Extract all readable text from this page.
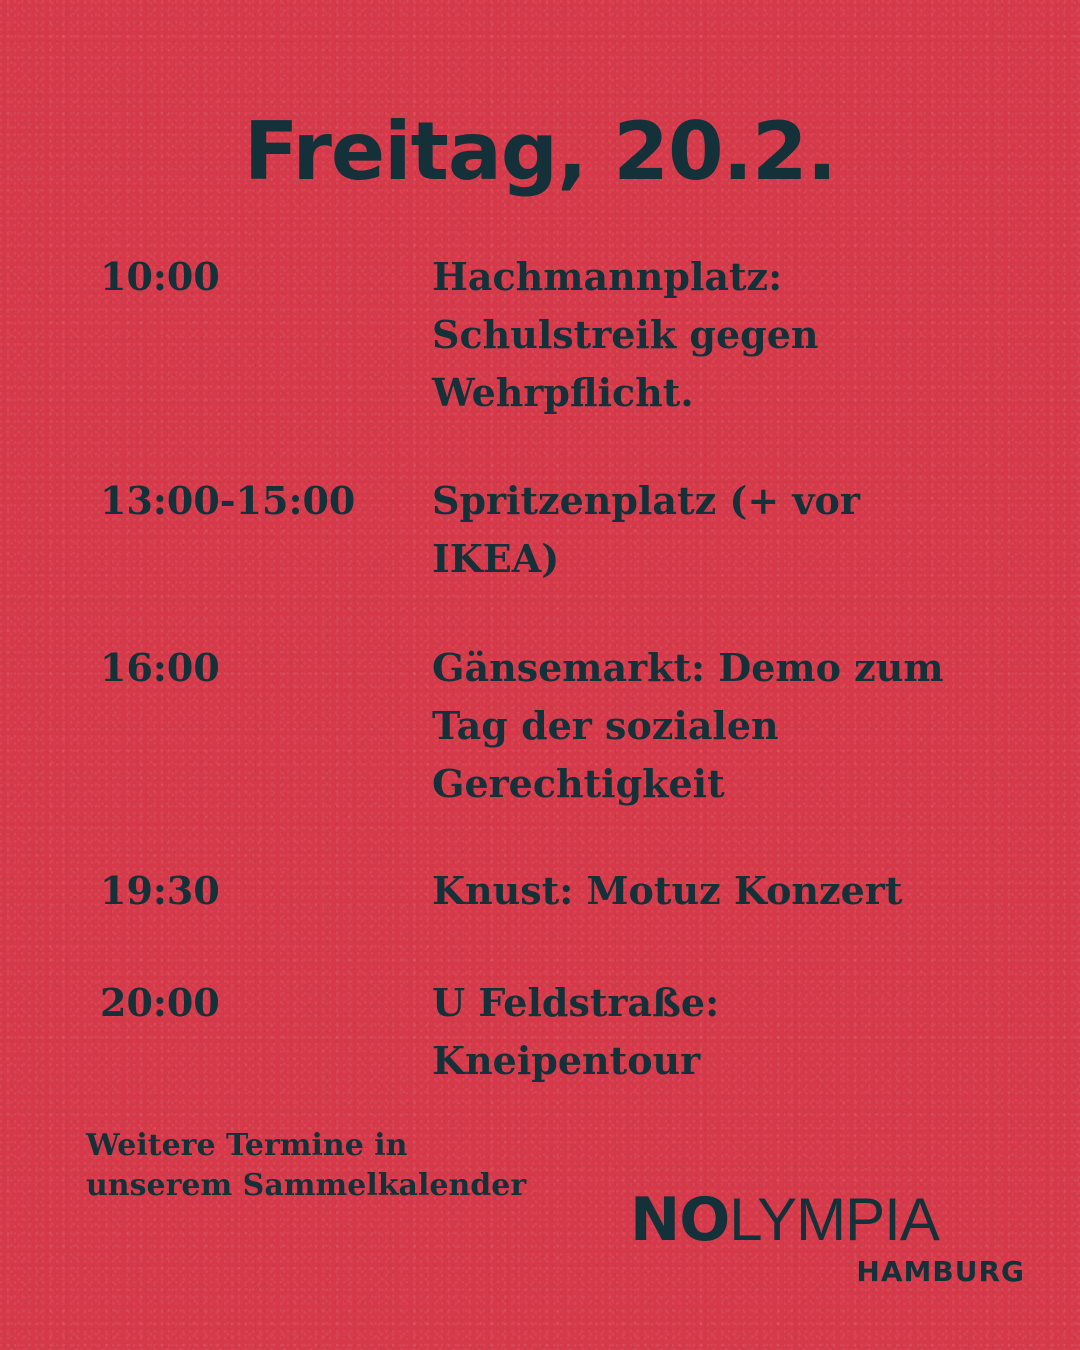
Freitag, 20.2.
10:00	Hachmannplatz:
Schulstreik gegen
Wehrpflicht.
13:00-15:00 Spritzenplatz (+ vor
IKEA)
16:00	Gänsemarkt: Demo zum
Tag der sozialen
Gerechtigkeit
19:30	Knust: Motuz Konzert
20:00	U Feldstraße:
Kneipentour
Weitere Termine in
unserem Sammelkalender NOLYMPIA
HAMBURG
